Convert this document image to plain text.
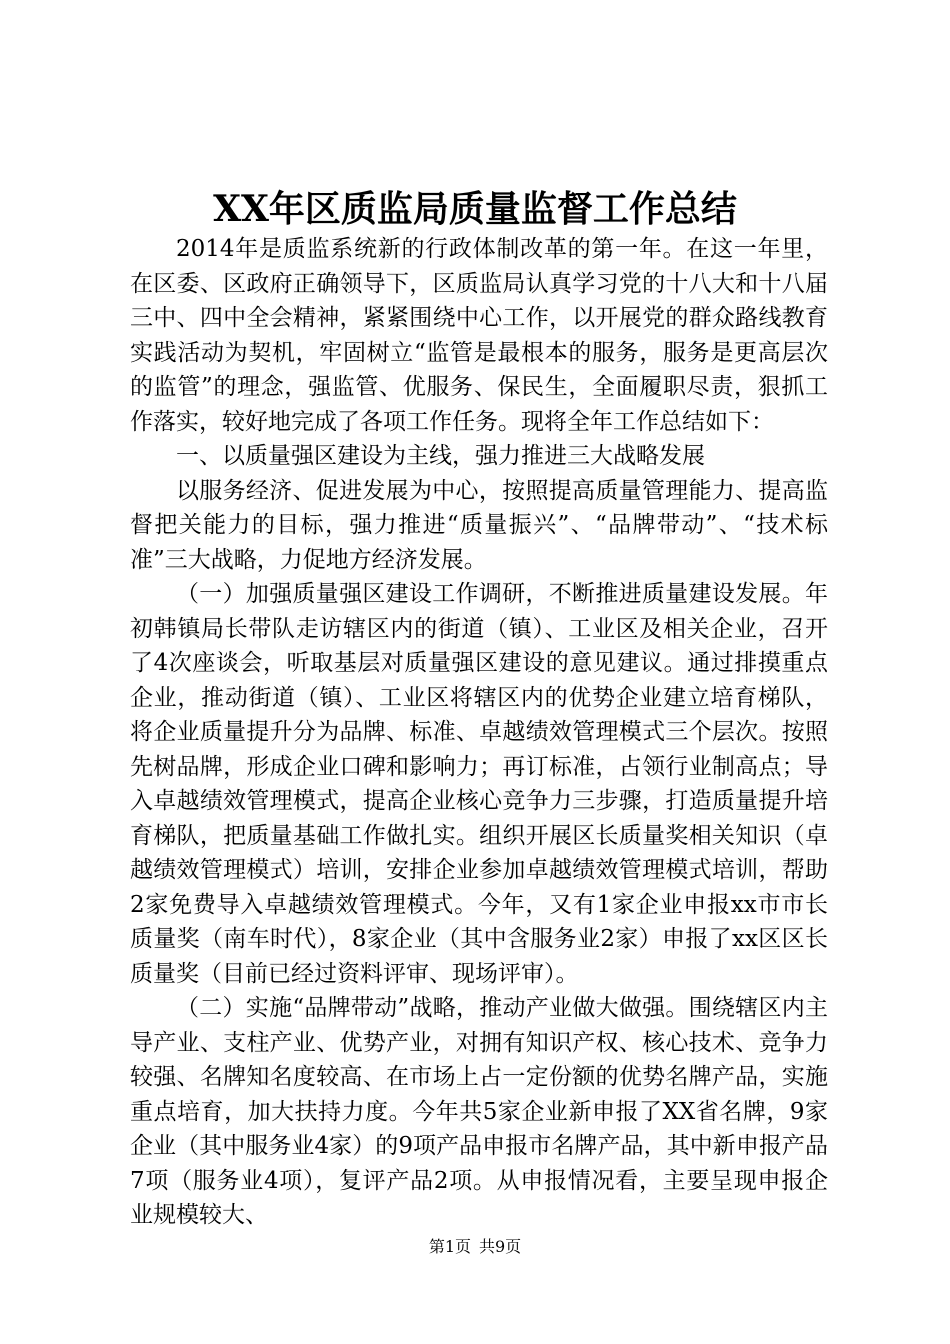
XX年区质监局质量监督工作总结

2014年是质监系统新的行政体制改革的第一年。在这一年里，在区委、区政府正确领导下，区质监局认真学习党的十八大和十八届三中、四中全会精神，紧紧围绕中心工作，以开展党的群众路线教育实践活动为契机，牢固树立“监管是最根本的服务，服务是更高层次的监管”的理念，强监管、优服务、保民生，全面履职尽责，狠抓工作落实，较好地完成了各项工作任务。现将全年工作总结如下：

一、以质量强区建设为主线，强力推进三大战略发展

以服务经济、促进发展为中心，按照提高质量管理能力、提高监督把关能力的目标，强力推进“质量振兴”、“品牌带动”、“技术标准”三大战略，力促地方经济发展。

（一）加强质量强区建设工作调研，不断推进质量建设发展。年初韩镇局长带队走访辖区内的街道（镇）、工业区及相关企业，召开了4次座谈会，听取基层对质量强区建设的意见建议。通过排摸重点企业，推动街道（镇）、工业区将辖区内的优势企业建立培育梯队，将企业质量提升分为品牌、标准、卓越绩效管理模式三个层次。按照先树品牌，形成企业口碑和影响力；再订标准，占领行业制高点；导入卓越绩效管理模式，提高企业核心竞争力三步骤，打造质量提升培育梯队，把质量基础工作做扎实。组织开展区长质量奖相关知识（卓越绩效管理模式）培训，安排企业参加卓越绩效管理模式培训，帮助2家免费导入卓越绩效管理模式。今年，又有1家企业申报xx市市长质量奖（南车时代），8家企业（其中含服务业2家）申报了xx区区长质量奖（目前已经过资料评审、现场评审）。

（二）实施“品牌带动”战略，推动产业做大做强。围绕辖区内主导产业、支柱产业、优势产业，对拥有知识产权、核心技术、竞争力较强、名牌知名度较高、在市场上占一定份额的优势名牌产品，实施重点培育，加大扶持力度。今年共5家企业新申报了XX省名牌，9家企业（其中服务业4家）的9项产品申报市名牌产品，其中新申报产品7项（服务业4项），复评产品2项。从申报情况看，主要呈现申报企业规模较大、

第1页 共9页
